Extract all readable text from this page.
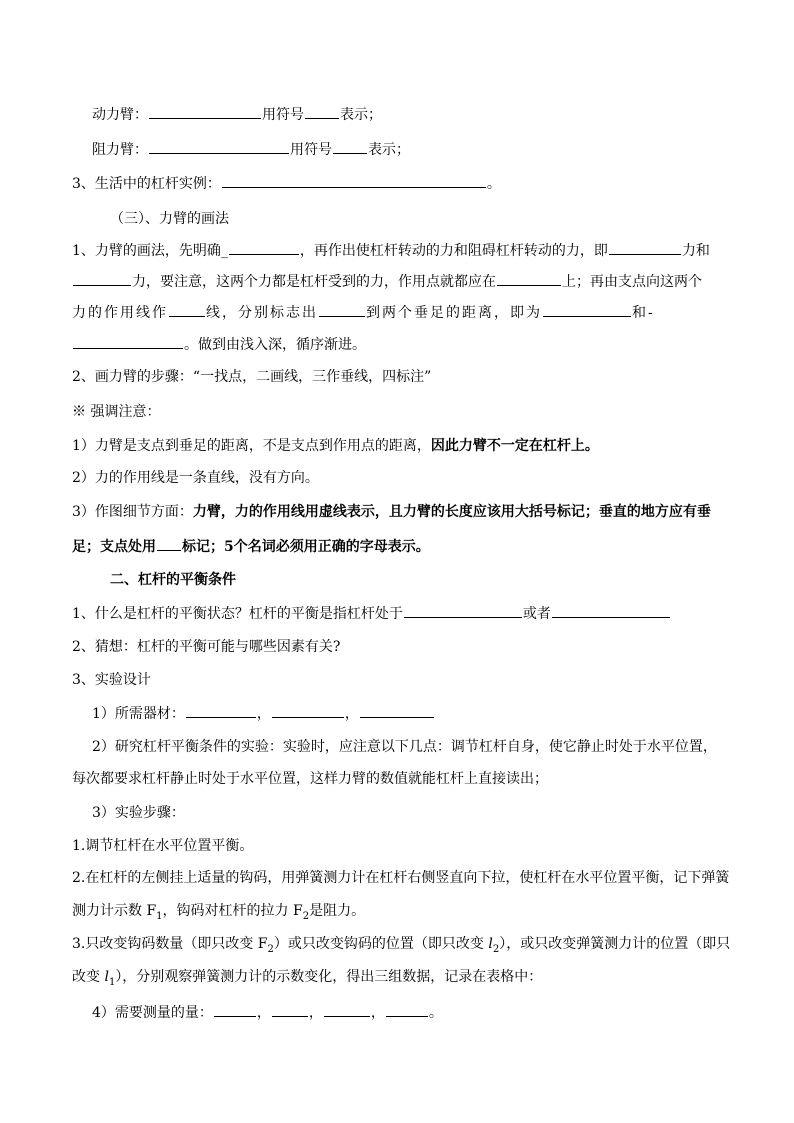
动力臂：	用符号	表示；
阻力臂：	用符号	表示；
3、生活中的杠杆实例：	。
（三）、力臂的画法
1、力臂的画法，先明确_	，再作出使杠杆转动的力和阻碍杠杆转动的力，即	力和
力，要注意，这两个力都是杠杆受到的力，作用点就都应在	上；再由支点向这两个
力的作用线作	线，分别标志出	到两个垂足的距离，即为	和-
。做到由浅入深，循序渐进。
2、画力臂的步骤：“一找点，二画线，三作垂线，四标注”
※ 强调注意：
1）力臂是支点到垂足的距离，不是支点到作用点的距离，因此力臂不一定在杠杆上。
2）力的作用线是一条直线，没有方向。
3）作图细节方面：力臂，力的作用线用虚线表示，且力臂的长度应该用大括号标记；垂直的地方应有垂
足；支点处用 标记；5个名词必须用正确的字母表示。
二、杠杆的平衡条件
1、什么是杠杆的平衡状态？杠杆的平衡是指杠杆处于	或者
2、猜想：杠杆的平衡可能与哪些因素有关?
3、实验设计
1）所需器材：	，	，
2）研究杠杆平衡条件的实验：实验时，应注意以下几点：调节杠杆自身，使它静止时处于水平位置，
每次都要求杠杆静止时处于水平位置，这样力臂的数值就能杠杆上直接读出；
3）实验步骤：
1.调节杠杆在水平位置平衡。
2.在杠杆的左侧挂上适量的钩码，用弹簧测力计在杠杆右侧竖直向下拉，使杠杆在水平位置平衡，记下弹簧
测力计示数 $F_1$，钩码对杠杆的拉力 $F_2$是阻力。
3.只改变钩码数量（即只改变 $F_2$）或只改变钩码的位置（即只改变 $l_2$），或只改变弹簧测力计的位置（即只
改变 $l_1$），分别观察弹簧测力计的示数变化，得出三组数据，记录在表格中：
4）需要测量的量：	，	，	，	。
